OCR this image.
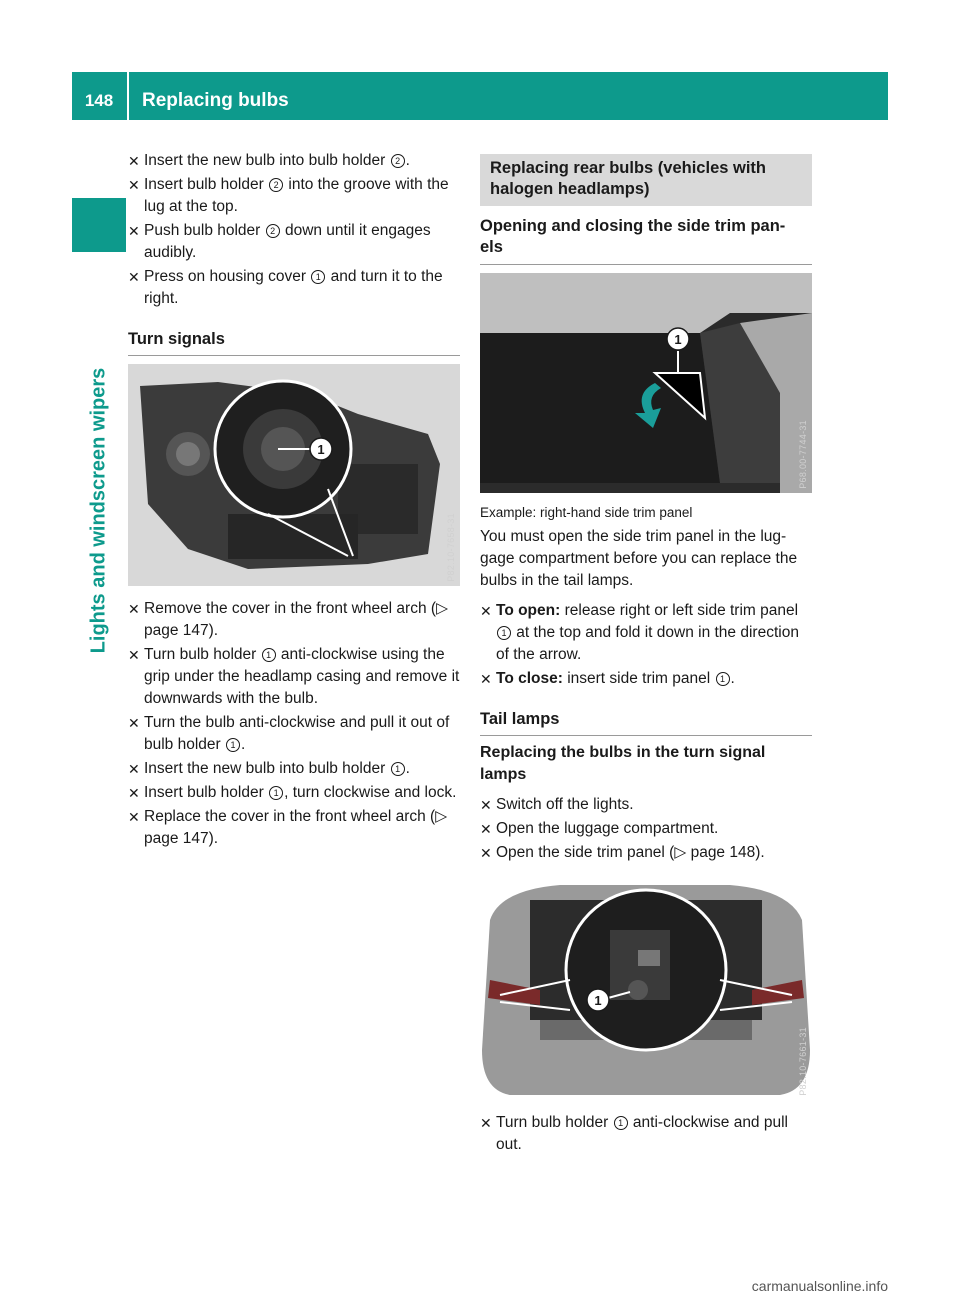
148	Replacing bulbs
Lights and windscreen wipers
✕ Insert the new bulb into bulb holder 2 .
✕ Insert bulb holder 2 into the groove with the lug at the top.
✕ Push bulb holder 2 down until it engages audibly.
✕ Press on housing cover 1 and turn it to the right.
Turn signals
1
P82.10-7658-31
✕ Remove the cover in the front wheel arch (▷ page 147).
✕ Turn bulb holder 1 anti-clockwise using the grip under the headlamp casing and remove it downwards with the bulb.
✕ Turn the bulb anti-clockwise and pull it out of bulb holder 1 .
✕ Insert the new bulb into bulb holder 1 .
✕ Insert bulb holder 1 , turn clockwise and lock.
✕ Replace the cover in the front wheel arch (▷ page 147).
Replacing rear bulbs (vehicles with halogen headlamps)
Opening and closing the side trim pan- els
1
P68.00-7744-31
Example: right-hand side trim panel
You must open the side trim panel in the lug- gage compartment before you can replace the bulbs in the tail lamps.
✕ To open: release right or left side trim panel 1 at the top and fold it down in the direction of the arrow.
✕ To close: insert side trim panel 1 .
Tail lamps
Replacing the bulbs in the turn signal lamps
✕ Switch off the lights.
✕ Open the luggage compartment.
✕ Open the side trim panel (▷ page 148).
1
P82.10-7661-31
✕ Turn bulb holder 1 anti-clockwise and pull out.
carmanualsonline.info
